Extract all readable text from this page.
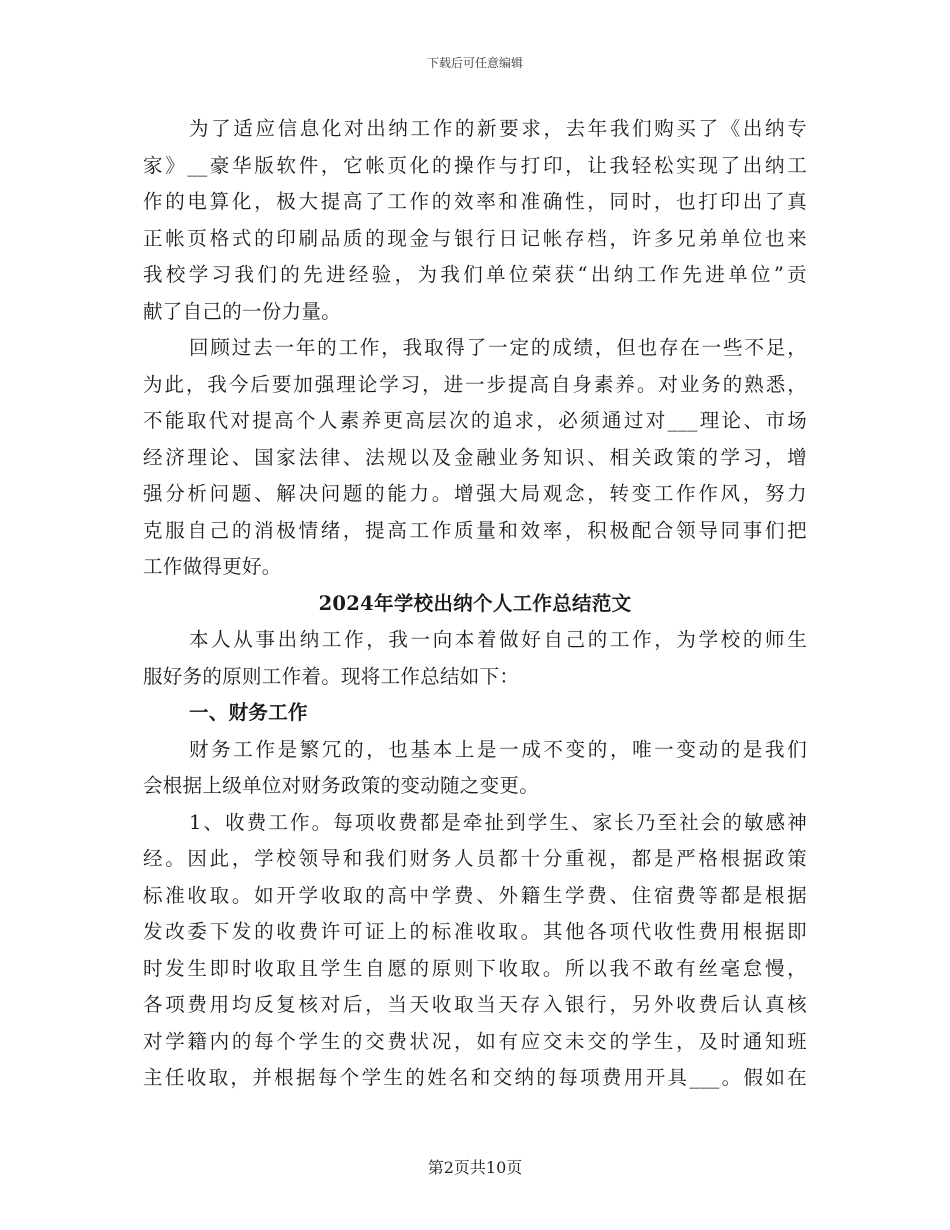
下载后可任意编辑
为了适应信息化对出纳工作的新要求，去年我们购买了《出纳专
家》__豪华版软件，它帐页化的操作与打印，让我轻松实现了出纳工
作的电算化，极大提高了工作的效率和准确性，同时，也打印出了真
正帐页格式的印刷品质的现金与银行日记帐存档，许多兄弟单位也来
我校学习我们的先进经验，为我们单位荣获“出纳工作先进单位”贡
献了自己的一份力量。
回顾过去一年的工作，我取得了一定的成绩，但也存在一些不足，
为此，我今后要加强理论学习，进一步提高自身素养。对业务的熟悉，
不能取代对提高个人素养更高层次的追求，必须通过对___理论、市场
经济理论、国家法律、法规以及金融业务知识、相关政策的学习，增
强分析问题、解决问题的能力。增强大局观念，转变工作作风，努力
克服自己的消极情绪，提高工作质量和效率，积极配合领导同事们把
工作做得更好。
2024年学校出纳个人工作总结范文
本人从事出纳工作，我一向本着做好自己的工作，为学校的师生
服好务的原则工作着。现将工作总结如下：
一、财务工作
财务工作是繁冗的，也基本上是一成不变的，唯一变动的是我们
会根据上级单位对财务政策的变动随之变更。
1、收费工作。每项收费都是牵扯到学生、家长乃至社会的敏感神
经。因此，学校领导和我们财务人员都十分重视，都是严格根据政策
标准收取。如开学收取的高中学费、外籍生学费、住宿费等都是根据
发改委下发的收费许可证上的标准收取。其他各项代收性费用根据即
时发生即时收取且学生自愿的原则下收取。所以我不敢有丝毫怠慢，
各项费用均反复核对后，当天收取当天存入银行，另外收费后认真核
对学籍内的每个学生的交费状况，如有应交未交的学生，及时通知班
主任收取，并根据每个学生的姓名和交纳的每项费用开具___。假如在
第2页共10页
